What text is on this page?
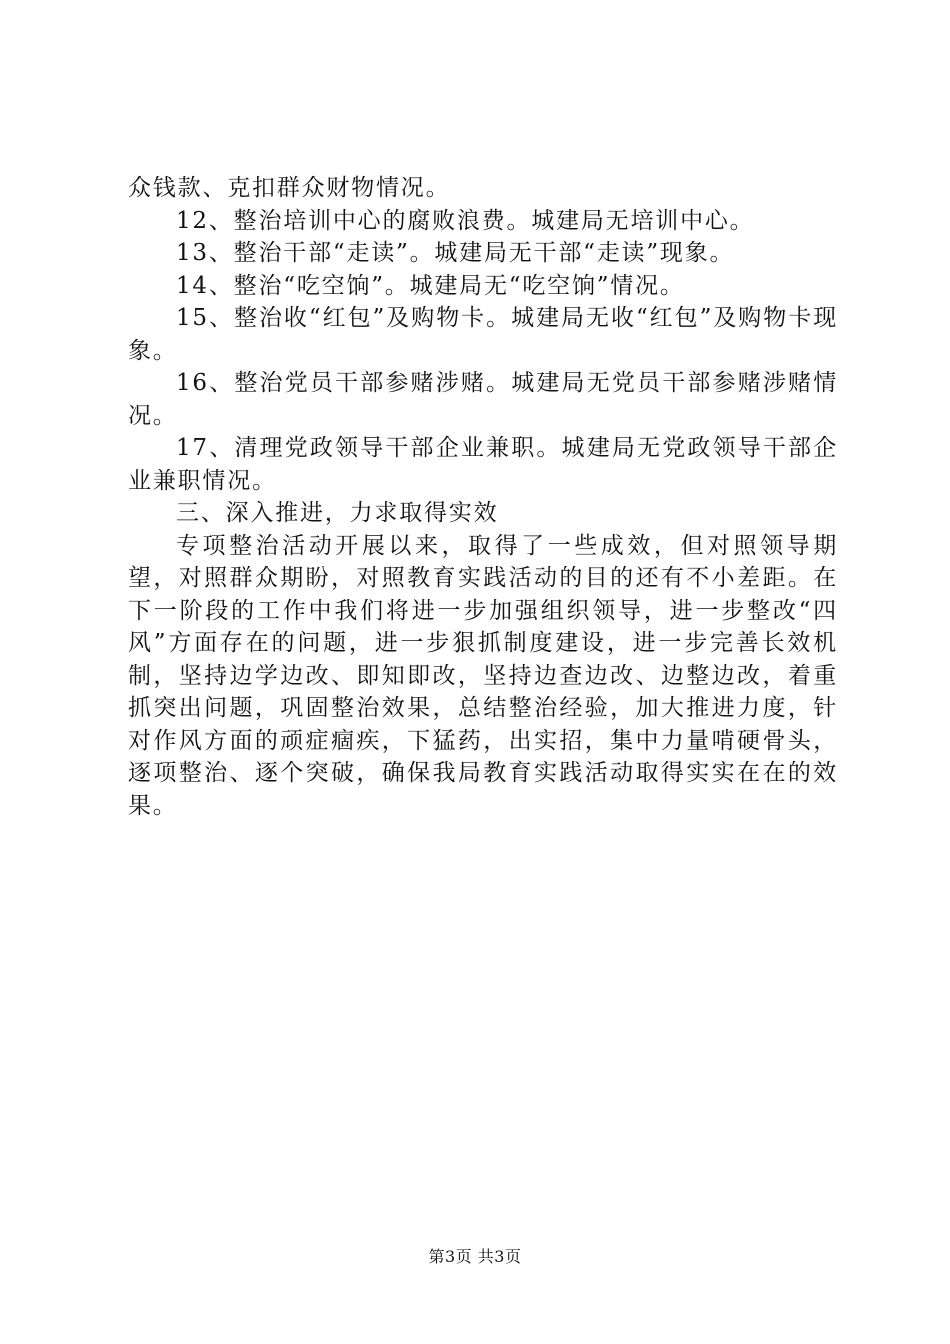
众钱款、克扣群众财物情况。

12、整治培训中心的腐败浪费。城建局无培训中心。

13、整治干部“走读”。城建局无干部“走读”现象。

14、整治“吃空饷”。城建局无“吃空饷”情况。

15、整治收“红包”及购物卡。城建局无收“红包”及购物卡现象。

16、整治党员干部参赌涉赌。城建局无党员干部参赌涉赌情况。

17、清理党政领导干部企业兼职。城建局无党政领导干部企业兼职情况。

三、深入推进，力求取得实效

专项整治活动开展以来，取得了一些成效，但对照领导期望，对照群众期盼，对照教育实践活动的目的还有不小差距。在下一阶段的工作中我们将进一步加强组织领导，进一步整改“四风”方面存在的问题，进一步狠抓制度建设，进一步完善长效机制，坚持边学边改、即知即改，坚持边查边改、边整边改，着重抓突出问题，巩固整治效果，总结整治经验，加大推进力度，针对作风方面的顽症痼疾，下猛药，出实招，集中力量啃硬骨头，逐项整治、逐个突破，确保我局教育实践活动取得实实在在的效果。

第3页 共3页
